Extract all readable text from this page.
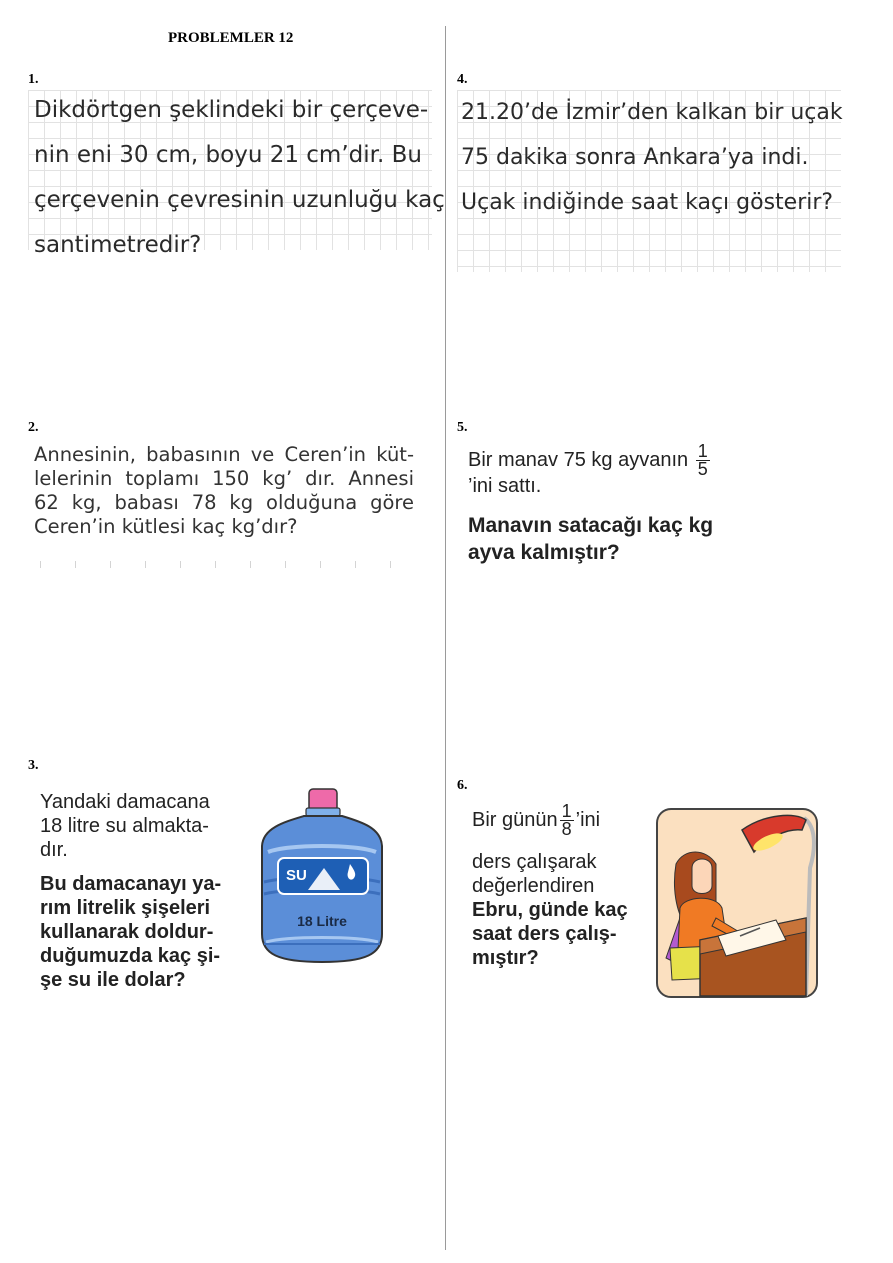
PROBLEMLER 12
1.
Dikdörtgen şeklindeki bir çerçeve-
nin eni 30 cm, boyu 21 cm’dir. Bu
çerçevenin çevresinin uzunluğu kaç
santimetredir?
2.
Annesinin, babasının ve Ceren’in küt-
lelerinin toplamı 150 kg’ dır. Annesi
62 kg, babası 78 kg olduğuna göre
Ceren’in kütlesi kaç kg’dır?
3.
Yandaki damacana
18 litre su almakta-
dır.
Bu damacanayı ya-
rım litrelik şişeleri
kullanarak doldur-
duğumuzda kaç şi-
şe su ile dolar?
SU
18 Litre
4.
21.20’de İzmir’den kalkan bir uçak
75 dakika sonra Ankara’ya indi.
Uçak indiğinde saat kaçı gösterir?
5.
Bir manav 75 kg ayvanın $\frac{1}{5}$
’ini sattı.
Manavın satacağı kaç kg
ayva kalmıştır?
6.
Bir günün $\frac{1}{8}$ ’ini
ders çalışarak
değerlendiren
Ebru, günde kaç
saat ders çalış-
mıştır?
